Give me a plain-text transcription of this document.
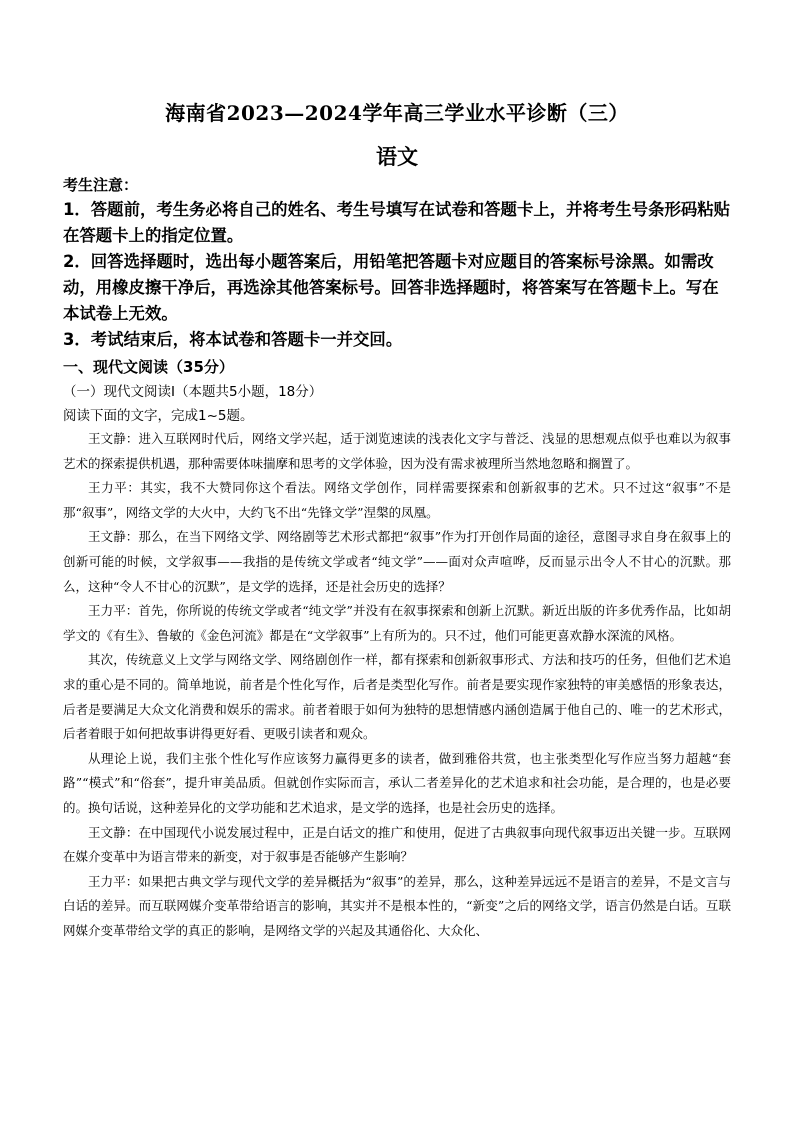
海南省2023—2024学年高三学业水平诊断（三）
语文

考生注意：

1．答题前，考生务必将自己的姓名、考生号填写在试卷和答题卡上，并将考生号条形码粘贴在答题卡上的指定位置。

2．回答选择题时，选出每小题答案后，用铅笔把答题卡对应题目的答案标号涂黑。如需改动，用橡皮擦干净后，再选涂其他答案标号。回答非选择题时，将答案写在答题卡上。写在本试卷上无效。

3．考试结束后，将本试卷和答题卡一并交回。

一、现代文阅读（35分）

（一）现代文阅读Ⅰ（本题共5小题，18分）

阅读下面的文字，完成1~5题。

王文静：进入互联网时代后，网络文学兴起，适于浏览速读的浅表化文字与普泛、浅显的思想观点似乎也难以为叙事艺术的探索提供机遇，那种需要体味揣摩和思考的文学体验，因为没有需求被理所当然地忽略和搁置了。

王力平：其实，我不大赞同你这个看法。网络文学创作，同样需要探索和创新叙事的艺术。只不过这“叙事”不是那“叙事”，网络文学的大火中，大约飞不出“先锋文学”涅槃的凤凰。

王文静：那么，在当下网络文学、网络剧等艺术形式都把“叙事”作为打开创作局面的途径，意图寻求自身在叙事上的创新可能的时候，文学叙事——我指的是传统文学或者“纯文学”——面对众声喧哗，反而显示出令人不甘心的沉默。那么，这种“令人不甘心的沉默”，是文学的选择，还是社会历史的选择？

王力平：首先，你所说的传统文学或者“纯文学”并没有在叙事探索和创新上沉默。新近出版的许多优秀作品，比如胡学文的《有生》、鲁敏的《金色河流》都是在“文学叙事”上有所为的。只不过，他们可能更喜欢静水深流的风格。

其次，传统意义上文学与网络文学、网络剧创作一样，都有探索和创新叙事形式、方法和技巧的任务，但他们艺术追求的重心是不同的。简单地说，前者是个性化写作，后者是类型化写作。前者是要实现作家独特的审美感悟的形象表达，后者是要满足大众文化消费和娱乐的需求。前者着眼于如何为独特的思想情感内涵创造属于他自己的、唯一的艺术形式，后者着眼于如何把故事讲得更好看、更吸引读者和观众。

从理论上说，我们主张个性化写作应该努力赢得更多的读者，做到雅俗共赏，也主张类型化写作应当努力超越“套路”“模式”和“俗套”，提升审美品质。但就创作实际而言，承认二者差异化的艺术追求和社会功能，是合理的，也是必要的。换句话说，这种差异化的文学功能和艺术追求，是文学的选择，也是社会历史的选择。

王文静：在中国现代小说发展过程中，正是白话文的推广和使用，促进了古典叙事向现代叙事迈出关键一步。互联网在媒介变革中为语言带来的新变，对于叙事是否能够产生影响？

王力平：如果把古典文学与现代文学的差异概括为“叙事”的差异，那么，这种差异远远不是语言的差异，不是文言与白话的差异。而互联网媒介变革带给语言的影响，其实并不是根本性的，“新变”之后的网络文学，语言仍然是白话。互联网媒介变革带给文学的真正的影响，是网络文学的兴起及其通俗化、大众化、
